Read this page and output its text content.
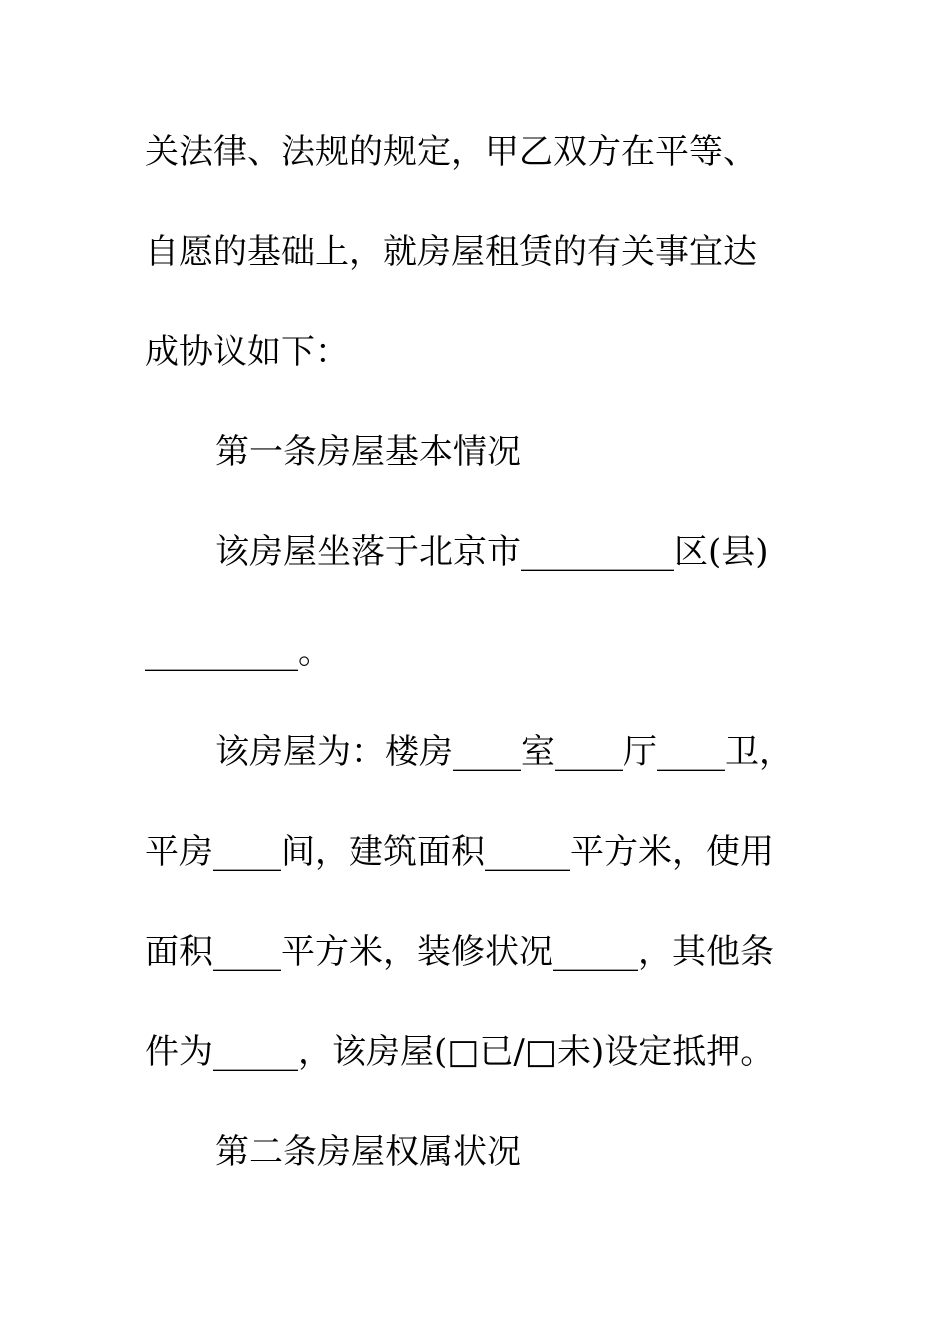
关法律、法规的规定，甲乙双方在平等、
自愿的基础上，就房屋租赁的有关事宜达
成协议如下：
第一条房屋基本情况
该房屋坐落于北京市_________区(县)
_________。
该房屋为：楼房____室____厅____卫，
平房____间，建筑面积_____平方米，使用
面积____平方米，装修状况_____，其他条
件为_____，该房屋(□已/□未)设定抵押。
第二条房屋权属状况
